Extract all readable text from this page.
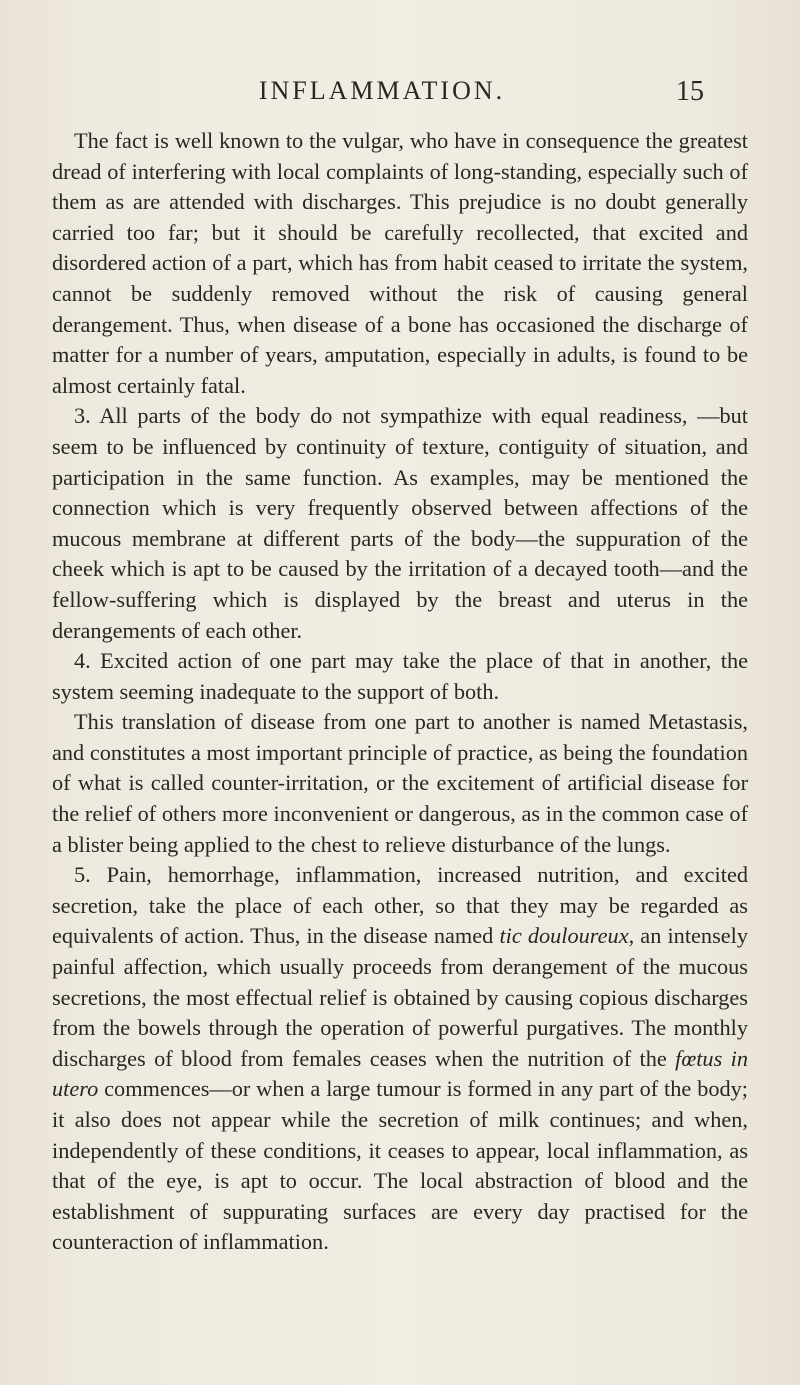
INFLAMMATION.	15

The fact is well known to the vulgar, who have in consequence the greatest dread of interfering with local complaints of long-standing, especially such of them as are attended with discharges. This prejudice is no doubt generally carried too far; but it should be carefully recollected, that excited and disordered action of a part, which has from habit ceased to irritate the system, cannot be suddenly removed without the risk of causing general derangement. Thus, when disease of a bone has occasioned the discharge of matter for a number of years, amputation, especially in adults, is found to be almost certainly fatal.

3. All parts of the body do not sympathize with equal readiness, —but seem to be influenced by continuity of texture, contiguity of situation, and participation in the same function. As examples, may be mentioned the connection which is very frequently observed between affections of the mucous membrane at different parts of the body—the suppuration of the cheek which is apt to be caused by the irritation of a decayed tooth—and the fellow-suffering which is displayed by the breast and uterus in the derangements of each other.

4. Excited action of one part may take the place of that in another, the system seeming inadequate to the support of both.

This translation of disease from one part to another is named Metastasis, and constitutes a most important principle of practice, as being the foundation of what is called counter-irritation, or the excitement of artificial disease for the relief of others more inconvenient or dangerous, as in the common case of a blister being applied to the chest to relieve disturbance of the lungs.

5. Pain, hemorrhage, inflammation, increased nutrition, and excited secretion, take the place of each other, so that they may be regarded as equivalents of action. Thus, in the disease named tic douloureux, an intensely painful affection, which usually proceeds from derangement of the mucous secretions, the most effectual relief is obtained by causing copious discharges from the bowels through the operation of powerful purgatives. The monthly discharges of blood from females ceases when the nutrition of the fœtus in utero commences—or when a large tumour is formed in any part of the body; it also does not appear while the secretion of milk continues; and when, independently of these conditions, it ceases to appear, local inflammation, as that of the eye, is apt to occur. The local abstraction of blood and the establishment of suppurating surfaces are every day practised for the counteraction of inflammation.
